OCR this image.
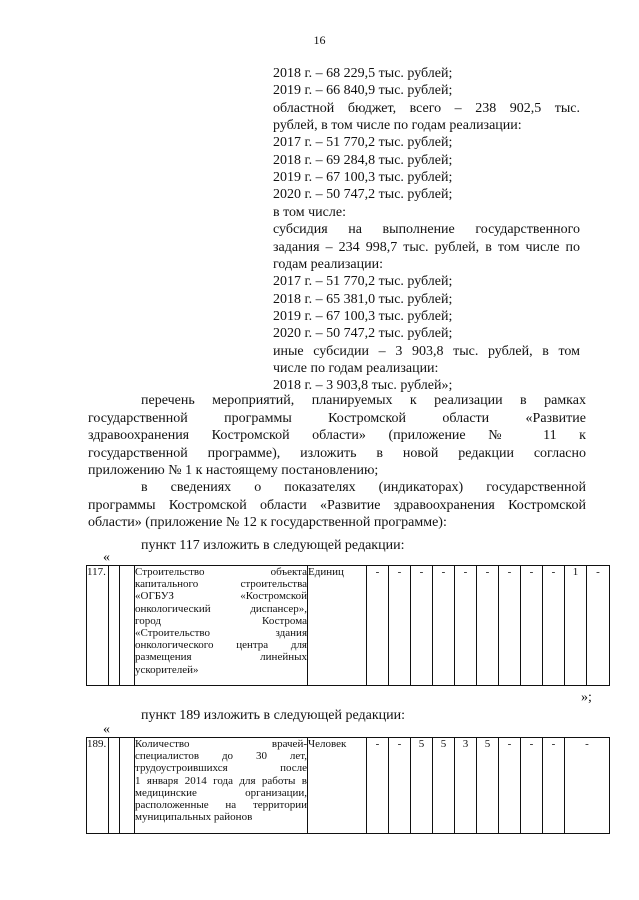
16
2018 г. – 68 229,5 тыс. рублей;
2019 г. – 66 840,9 тыс. рублей;
областной бюджет, всего – 238 902,5 тыс.
рублей, в том числе по годам реализации:
2017 г. – 51 770,2 тыс. рублей;
2018 г. – 69 284,8 тыс. рублей;
2019 г. – 67 100,3 тыс. рублей;
2020 г. – 50 747,2 тыс. рублей;
в том числе:
субсидия на выполнение государственного
задания – 234 998,7 тыс. рублей, в том числе по
годам реализации:
2017 г. – 51 770,2 тыс. рублей;
2018 г. – 65 381,0 тыс. рублей;
2019 г. – 67 100,3 тыс. рублей;
2020 г. – 50 747,2 тыс. рублей;
иные субсидии – 3 903,8 тыс. рублей, в том
числе по годам реализации:
2018 г. – 3 903,8 тыс. рублей»;
перечень мероприятий, планируемых к реализации в рамках
государственной программы Костромской области «Развитие
здравоохранения Костромской области» (приложение № 11 к
государственной программе), изложить в новой редакции согласно
приложению № 1 к настоящему постановлению;
в сведениях о показателях (индикаторах) государственной
программы Костромской области «Развитие здравоохранения Костромской
области» (приложение № 12 к государственной программе):
пункт 117 изложить в следующей редакции:
«
117.			Строительство объекта
капитального строительства
«ОГБУЗ «Костромской
онкологический диспансер»,
город Кострома
«Строительство здания
онкологического центра для
размещения линейных
ускорителей»
	Единиц	-	-	-	-	-	-	-	-	-	1	-
»;
пункт 189 изложить в следующей редакции:
«
189.			Количество врачей-
специалистов до 30 лет,
трудоустроившихся после
1 января 2014 года для работы в
медицинские организации,
расположенные на территории
муниципальных районов
	Человек	-	-	5	5	3	5	-	-	-	-
